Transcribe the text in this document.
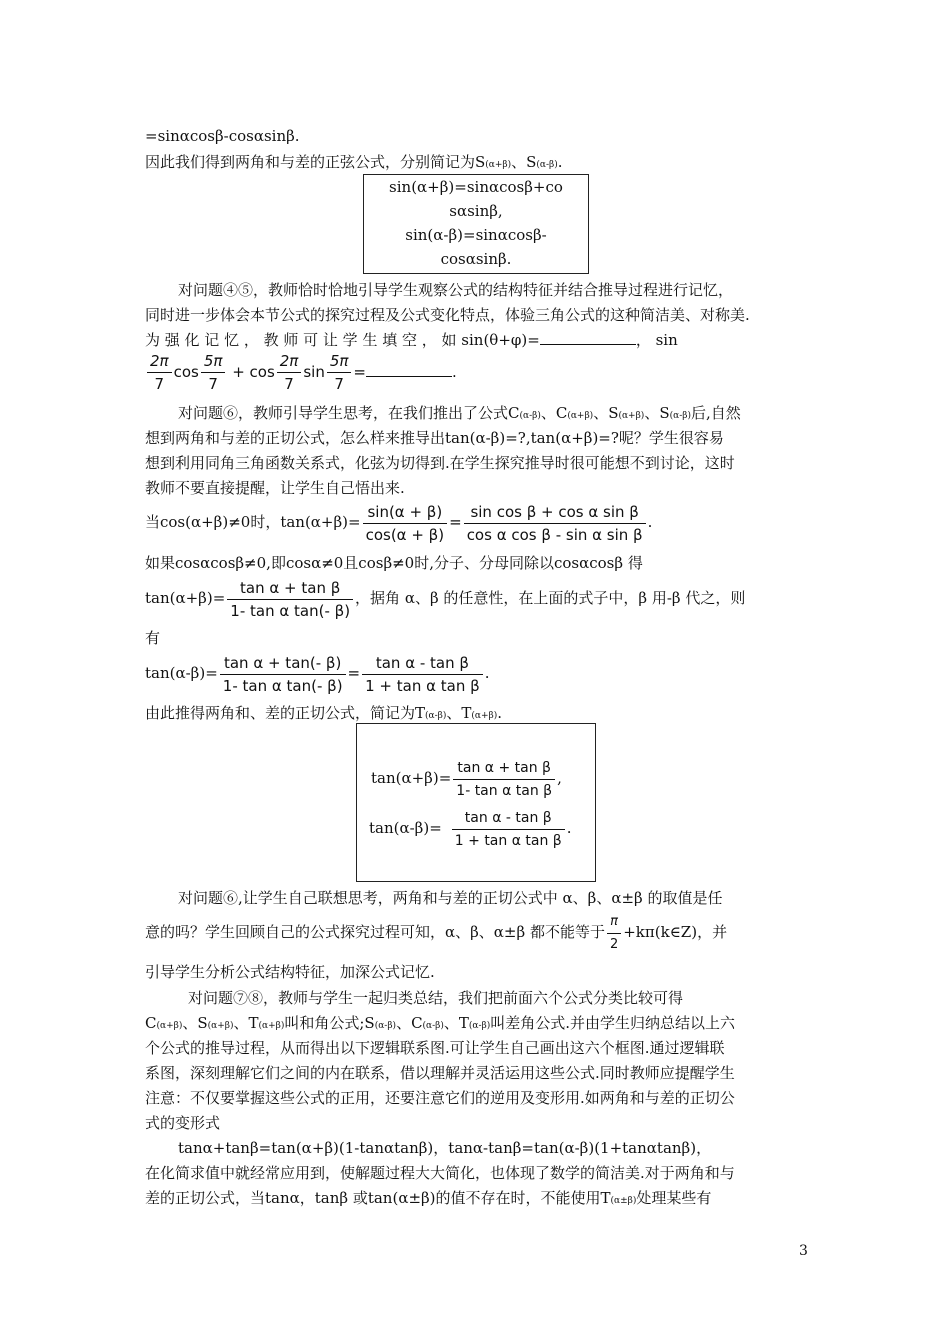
=sinαcosβ-cosαsinβ.
因此我们得到两角和与差的正弦公式，分别简记为S(α+β)、S(α-β).
sin(α+β)=sinαcosβ+co
sαsinβ,
sin(α-β)=sinαcosβ-
cosαsinβ.
对问题④⑤，教师恰时恰地引导学生观察公式的结构特征并结合推导过程进行记忆，
同时进一步体会本节公式的探究过程及公式变化特点，体验三角公式的这种简洁美、对称美.
为 强 化 记 忆 ， 教 师 可 让 学 生 填 空 ， 如 sin(θ+φ)=	， sin
$\frac{2\pi}{7}$ $\cos \frac{5\pi}{7} + \cos \frac{2\pi}{7}$ $\sin \frac{5\pi}{7}$ =	.
对问题⑥，教师引导学生思考，在我们推出了公式C(α-β)、C(α+β)、S(α+β)、S(α-β)后,自然
想到两角和与差的正切公式，怎么样来推导出tan(α-β)=?,tan(α+β)=?呢？学生很容易
想到利用同角三角函数关系式，化弦为切得到.在学生探究推导时很可能想不到讨论，这时
教师不要直接提醒，让学生自己悟出来.
当cos(α+β)≠0时，$\tan(\alpha+\beta)= \frac{\sin(\alpha + \beta)}{\cos(\alpha + \beta)} = \frac{\text{sin cos β + cos α sin β}}{\text{cos α cos β - sin α sin β}}$ .
如果cosαcosβ≠0,即cosα≠0且cosβ≠0时,分子、分母同除以cosαcosβ 得
$\tan(\alpha+\beta)= \frac{\text{tan α + tan β}}{\text{1- tan α tan(- β)}}$ ，据角 α、β 的任意性，在上面的式子中，β 用-β 代之，则
有
$\tan(\alpha-\beta)= \frac{\text{tan α + tan(- β)}}{\text{1- tan α tan(- β)}} = \frac{\text{tan α - tan β}}{\text{1 + tan α tan β}}$ .
由此推得两角和、差的正切公式，简记为T(α-β)、T(α+β).
$\tan(\alpha+\beta)= \frac{\text{tan α + tan β}}{\text{1- tan α tan β}}$ ,
$\tan(\alpha-\beta)= \frac{\text{tan α - tan β}}{\text{1 + tan α tan β}}$ .
对问题⑥,让学生自己联想思考，两角和与差的正切公式中 α、β、α±β 的取值是任
意的吗？学生回顾自己的公式探究过程可知，α、β、α±β 都不能等于 $\frac{\pi}{2}$ +kπ(k∈Z)，并
引导学生分析公式结构特征，加深公式记忆.
对问题⑦⑧，教师与学生一起归类总结，我们把前面六个公式分类比较可得
C(α+β)、S(α+β)、T(α+β)叫和角公式;S(α-β)、C(α-β)、T(α-β)叫差角公式.并由学生归纳总结以上六
个公式的推导过程，从而得出以下逻辑联系图.可让学生自己画出这六个框图.通过逻辑联
系图，深刻理解它们之间的内在联系，借以理解并灵活运用这些公式.同时教师应提醒学生
注意：不仅要掌握这些公式的正用，还要注意它们的逆用及变形用.如两角和与差的正切公
式的变形式
tanα+tanβ=tan(α+β)(1-tanαtanβ)，tanα-tanβ=tan(α-β)(1+tanαtanβ)，
在化简求值中就经常应用到，使解题过程大大简化，也体现了数学的简洁美.对于两角和与
差的正切公式，当tanα，tanβ 或tan(α±β)的值不存在时，不能使用T(α±β)处理某些有
3
